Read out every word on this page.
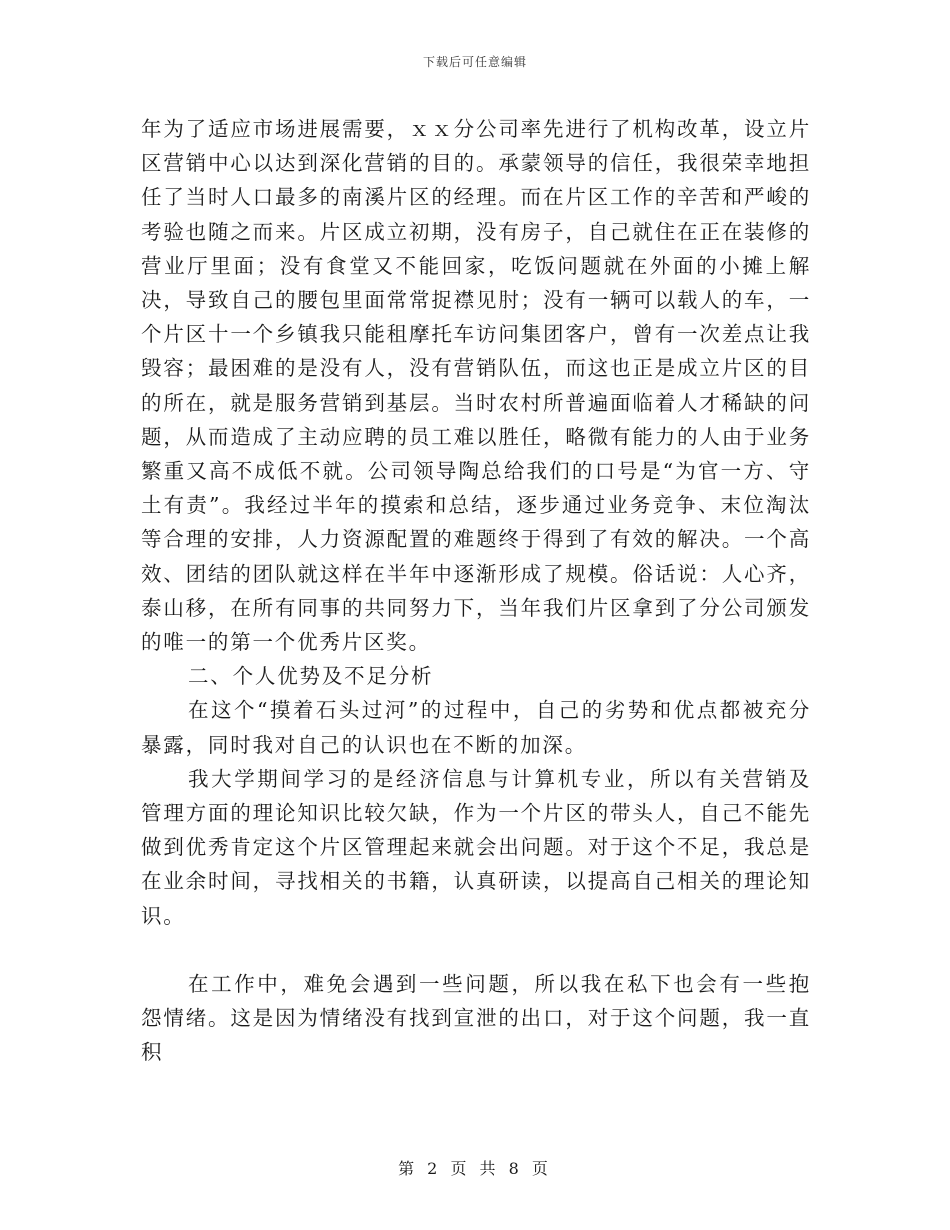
下载后可任意编辑

年为了适应市场进展需要，ｘｘ分公司率先进行了机构改革，设立片区营销中心以达到深化营销的目的。承蒙领导的信任，我很荣幸地担任了当时人口最多的南溪片区的经理。而在片区工作的辛苦和严峻的考验也随之而来。片区成立初期，没有房子，自己就住在正在装修的营业厅里面；没有食堂又不能回家，吃饭问题就在外面的小摊上解决，导致自己的腰包里面常常捉襟见肘；没有一辆可以载人的车，一个片区十一个乡镇我只能租摩托车访问集团客户，曾有一次差点让我毁容；最困难的是没有人，没有营销队伍，而这也正是成立片区的目的所在，就是服务营销到基层。当时农村所普遍面临着人才稀缺的问题，从而造成了主动应聘的员工难以胜任，略微有能力的人由于业务繁重又高不成低不就。公司领导陶总给我们的口号是“为官一方、守土有责”。我经过半年的摸索和总结，逐步通过业务竞争、末位淘汰等合理的安排，人力资源配置的难题终于得到了有效的解决。一个高效、团结的团队就这样在半年中逐渐形成了规模。俗话说：人心齐，泰山移，在所有同事的共同努力下，当年我们片区拿到了分公司颁发的唯一的第一个优秀片区奖。

二、个人优势及不足分析

在这个“摸着石头过河”的过程中，自己的劣势和优点都被充分暴露，同时我对自己的认识也在不断的加深。

我大学期间学习的是经济信息与计算机专业，所以有关营销及管理方面的理论知识比较欠缺，作为一个片区的带头人，自己不能先做到优秀肯定这个片区管理起来就会出问题。对于这个不足，我总是在业余时间，寻找相关的书籍，认真研读，以提高自己相关的理论知识。

在工作中，难免会遇到一些问题，所以我在私下也会有一些抱怨情绪。这是因为情绪没有找到宣泄的出口，对于这个问题，我一直积

第 2 页 共 8 页
